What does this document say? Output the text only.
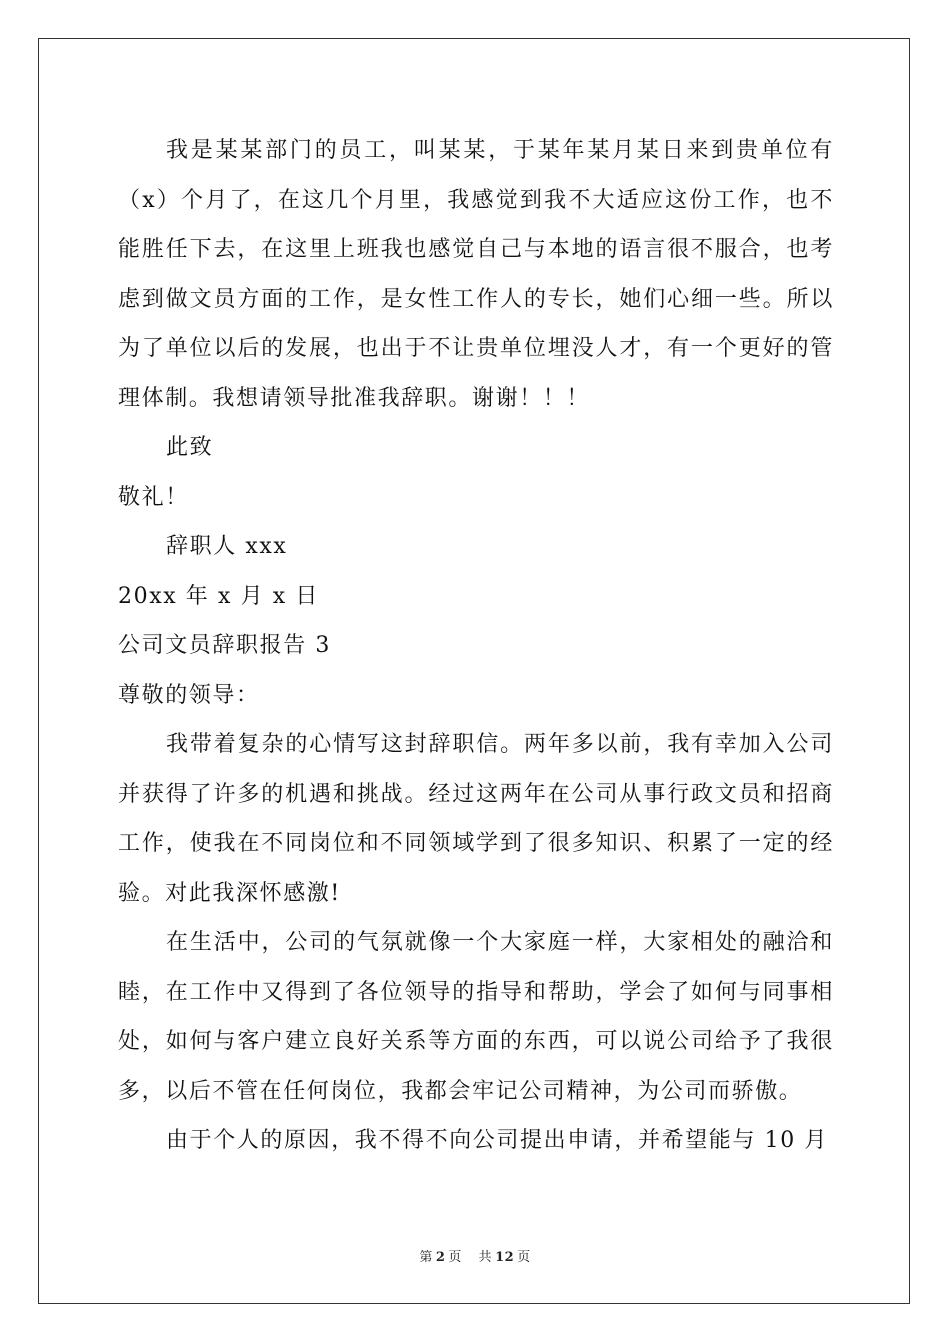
我是某某部门的员工，叫某某，于某年某月某日来到贵单位有（x）个月了，在这几个月里，我感觉到我不大适应这份工作，也不能胜任下去，在这里上班我也感觉自己与本地的语言很不服合，也考虑到做文员方面的工作，是女性工作人的专长，她们心细一些。所以为了单位以后的发展，也出于不让贵单位埋没人才，有一个更好的管理体制。我想请领导批准我辞职。谢谢！！！

此致

敬礼！

辞职人 xxx

20xx 年 x 月 x 日

公司文员辞职报告 3

尊敬的领导：

我带着复杂的心情写这封辞职信。两年多以前，我有幸加入公司并获得了许多的机遇和挑战。经过这两年在公司从事行政文员和招商工作，使我在不同岗位和不同领域学到了很多知识、积累了一定的经验。对此我深怀感激!

在生活中，公司的气氛就像一个大家庭一样，大家相处的融洽和睦，在工作中又得到了各位领导的指导和帮助，学会了如何与同事相处，如何与客户建立良好关系等方面的东西，可以说公司给予了我很多，以后不管在任何岗位，我都会牢记公司精神，为公司而骄傲。

由于个人的原因，我不得不向公司提出申请，并希望能与 10 月

第 2 页 共 12 页
